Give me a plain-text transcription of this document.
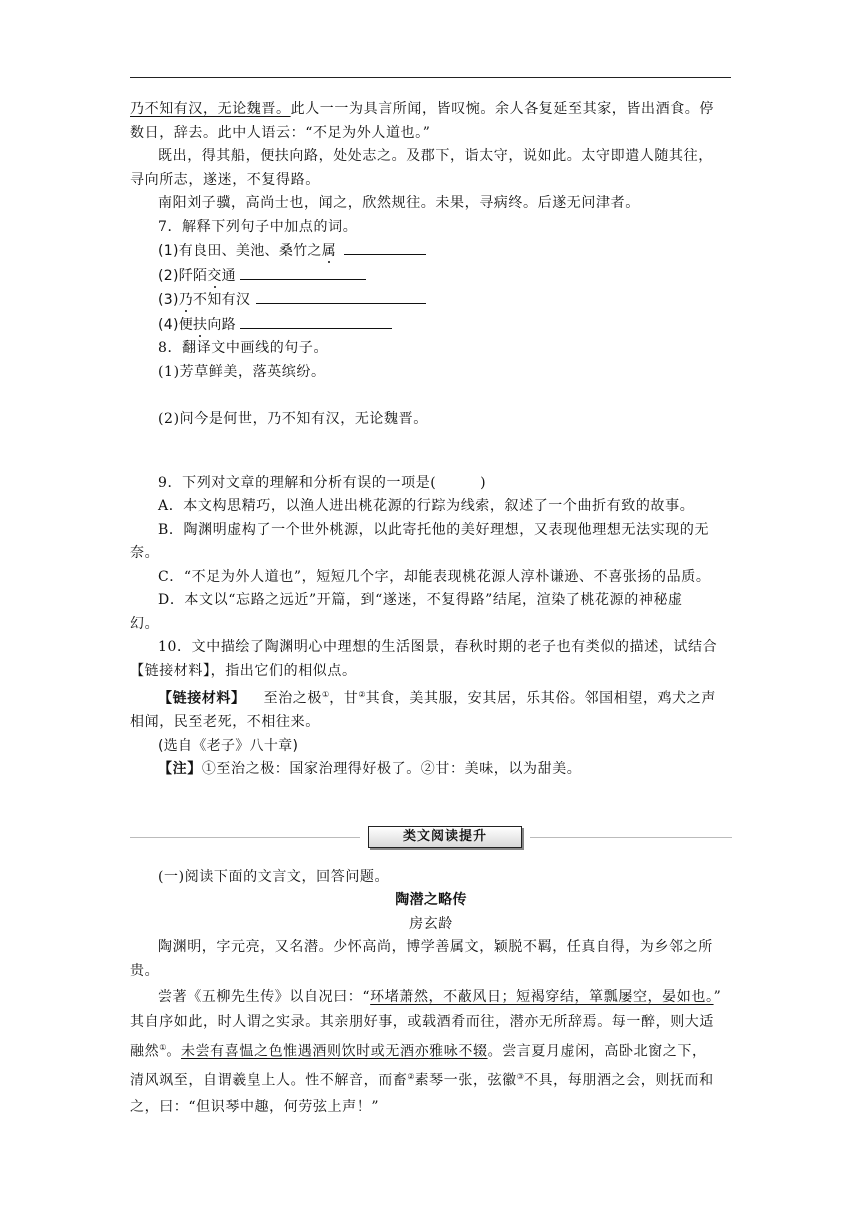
乃不知有汉，无论魏晋。此人一一为具言所闻，皆叹惋。余人各复延至其家，皆出酒食。停

数日，辞去。此中人语云：“不足为外人道也。”

既出，得其船，便扶向路，处处志之。及郡下，诣太守，说如此。太守即遣人随其往，

寻向所志，遂迷，不复得路。

南阳刘子骥，高尚士也，闻之，欣然规往。未果，寻病终。后遂无问津者。

7．解释下列句子中加点的词。

(1)有良田、美池、桑竹之属

(2)阡陌交通

(3)乃不知有汉

(4)便扶向路

8．翻译文中画线的句子。

(1)芳草鲜美，落英缤纷。

(2)问今是何世，乃不知有汉，无论魏晋。

9．下列对文章的理解和分析有误的一项是(　　　)

A．本文构思精巧，以渔人进出桃花源的行踪为线索，叙述了一个曲折有致的故事。

B．陶渊明虚构了一个世外桃源，以此寄托他的美好理想，又表现他理想无法实现的无

奈。

C．“不足为外人道也”，短短几个字，却能表现桃花源人淳朴谦逊、不喜张扬的品质。

D．本文以“忘路之远近”开篇，到“遂迷，不复得路”结尾，渲染了桃花源的神秘虚

幻。

10．文中描绘了陶渊明心中理想的生活图景，春秋时期的老子也有类似的描述，试结合

【链接材料】，指出它们的相似点。

【链接材料】 至治之极①，甘②其食，美其服，安其居，乐其俗。邻国相望，鸡犬之声

相闻，民至老死，不相往来。

(选自《老子》八十章)

【注】①至治之极：国家治理得好极了。②甘：美味，以为甜美。

类文阅读提升

(一)阅读下面的文言文，回答问题。

陶潜之略传

房玄龄

陶渊明，字元亮，又名潜。少怀高尚，博学善属文，颖脱不羁，任真自得，为乡邻之所

贵。

尝著《五柳先生传》以自况曰：“环堵萧然，不蔽风日；短褐穿结，箪瓢屡空，晏如也。”

其自序如此，时人谓之实录。其亲朋好事，或载酒肴而往，潜亦无所辞焉。每一醉，则大适

融然①。未尝有喜愠之色惟遇酒则饮时或无酒亦雅咏不辍。尝言夏月虚闲，高卧北窗之下，

清风飒至，自谓羲皇上人。性不解音，而畜②素琴一张，弦徽③不具，每朋酒之会，则抚而和

之，曰：“但识琴中趣，何劳弦上声！”
